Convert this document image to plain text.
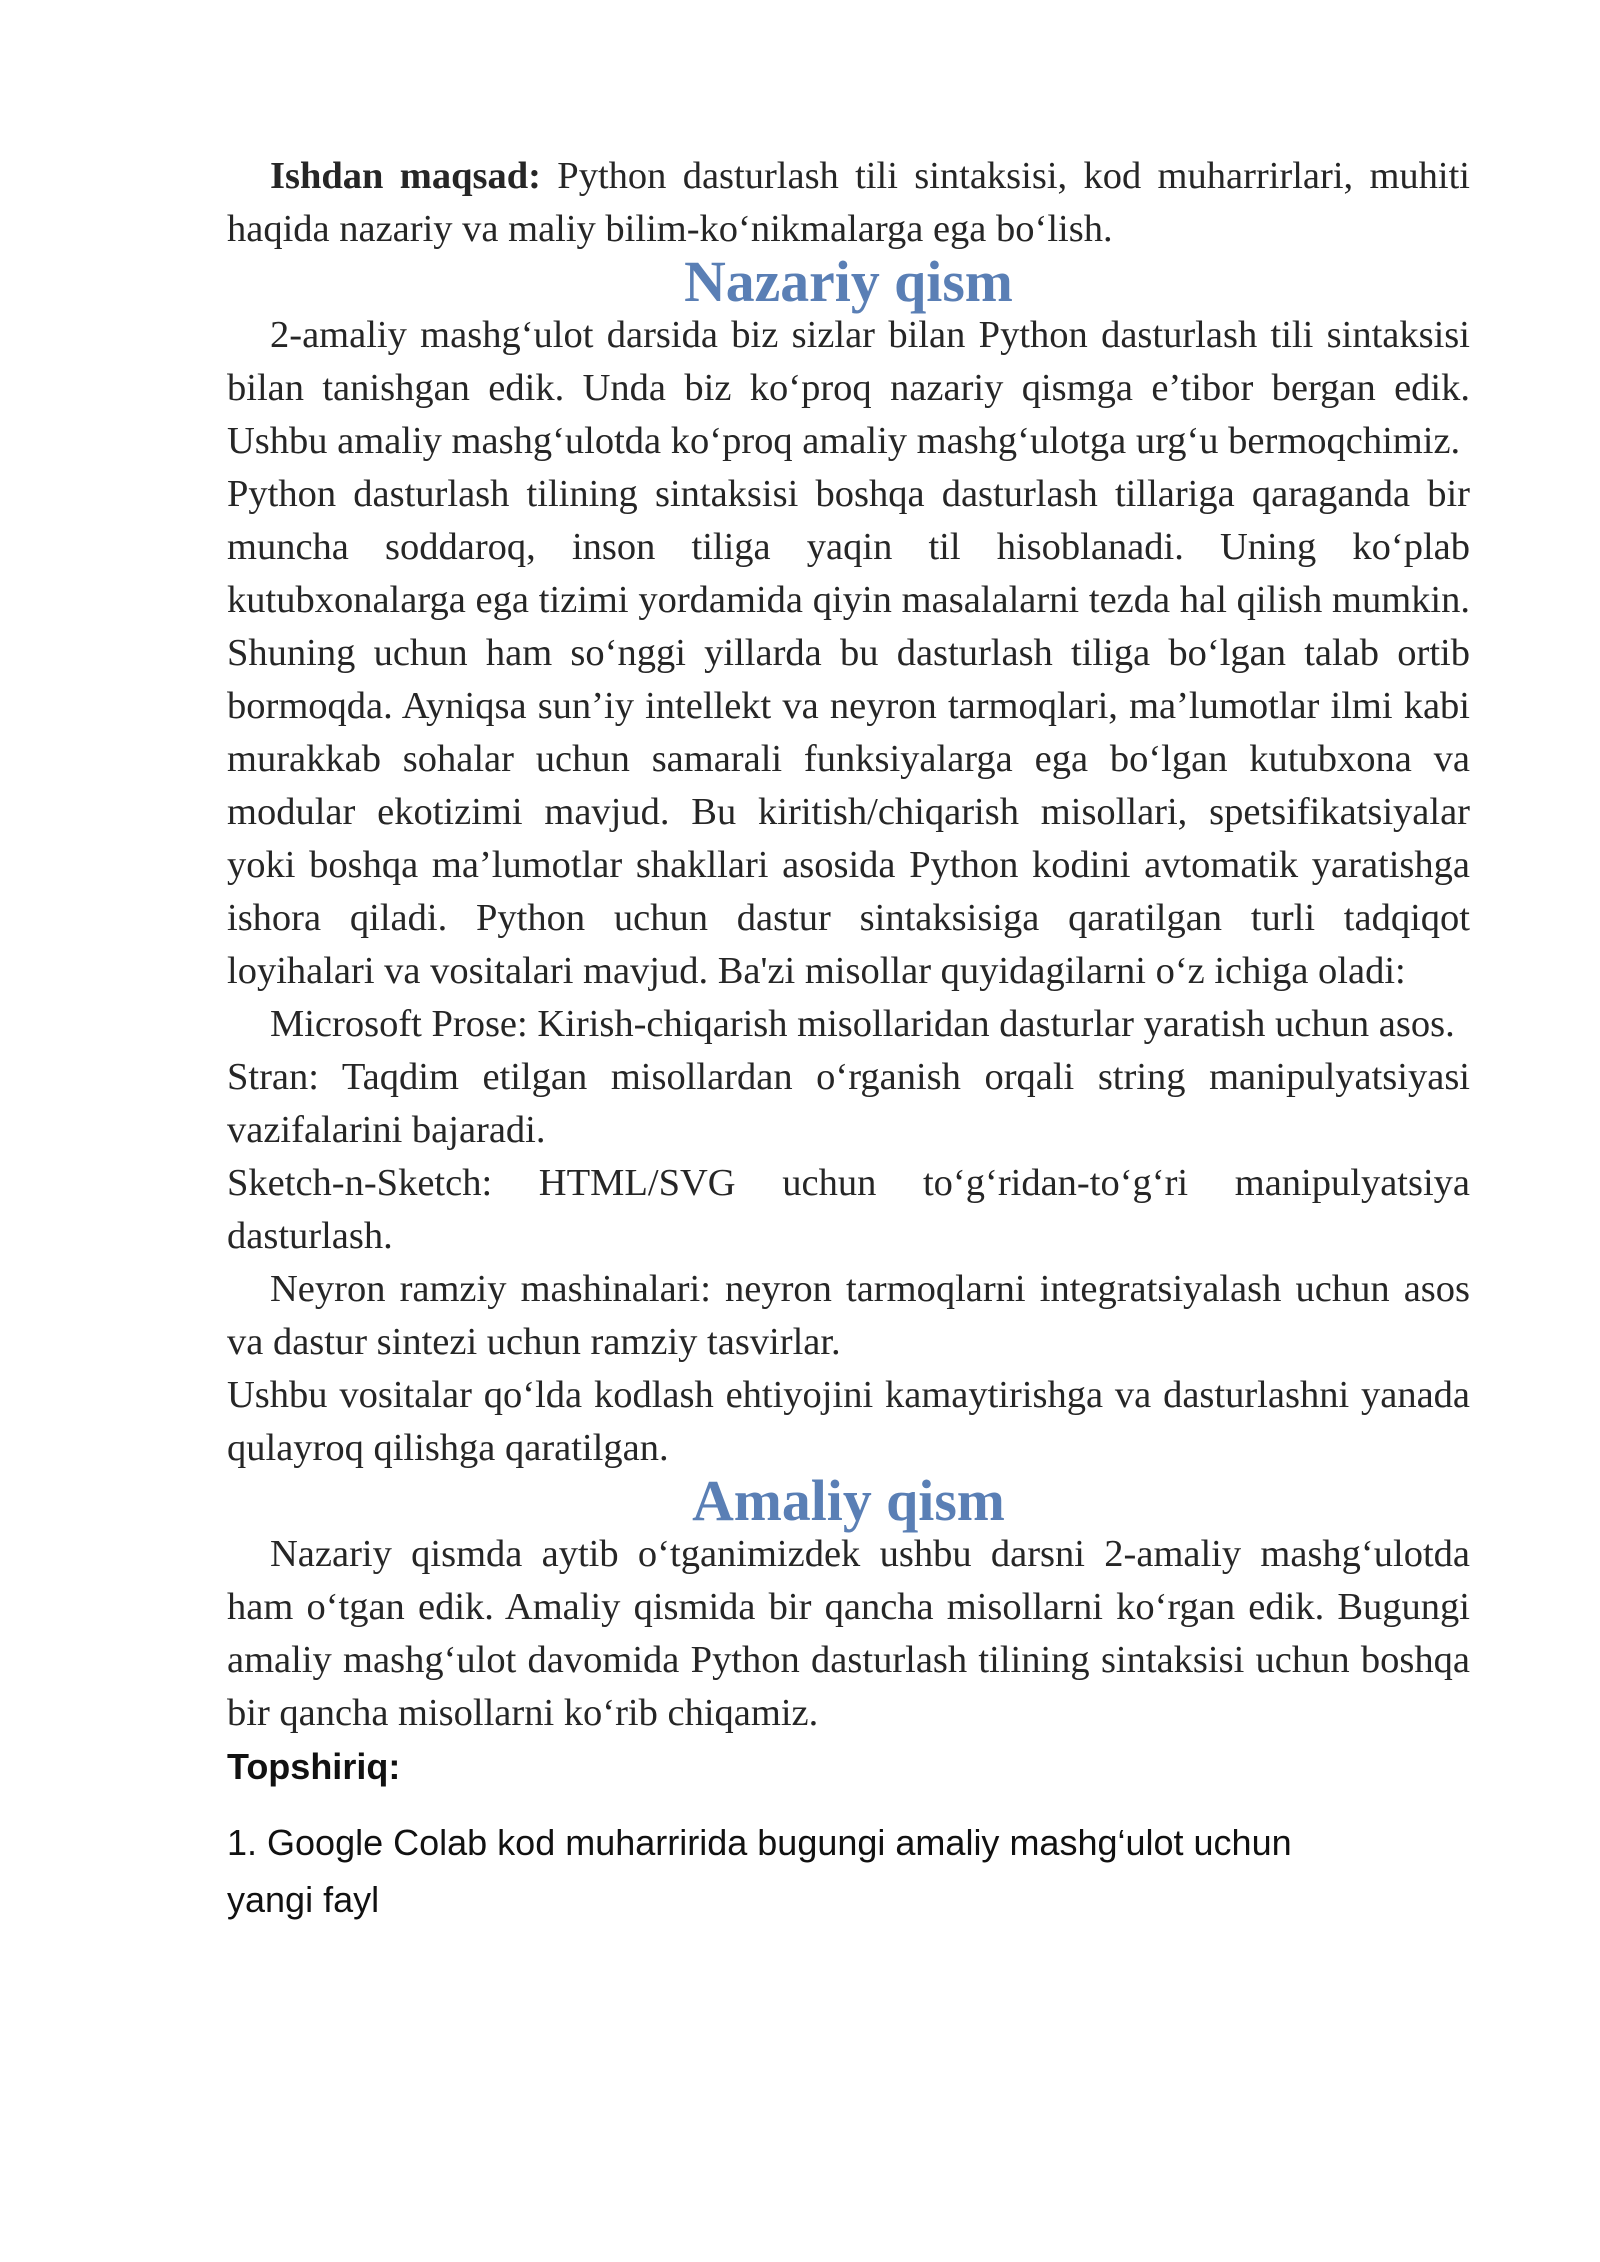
Ishdan maqsad: Python dasturlash tili sintaksisi, kod muharrirlari, muhiti haqida nazariy va maliy bilim-ko‘nikmalarga ega bo‘lish.

Nazariy qism

2-amaliy mashg‘ulot darsida biz sizlar bilan Python dasturlash tili sintaksisi bilan tanishgan edik. Unda biz ko‘proq nazariy qismga e’tibor bergan edik. Ushbu amaliy mashg‘ulotda ko‘proq amaliy mashg‘ulotga urg‘u bermoqchimiz.

Python dasturlash tilining sintaksisi boshqa dasturlash tillariga qaraganda bir muncha soddaroq, inson tiliga yaqin til hisoblanadi. Uning ko‘plab kutubxonalarga ega tizimi yordamida qiyin masalalarni tezda hal qilish mumkin. Shuning uchun ham so‘nggi yillarda bu dasturlash tiliga bo‘lgan talab ortib bormoqda. Ayniqsa sun’iy intellekt va neyron tarmoqlari, ma’lumotlar ilmi kabi murakkab sohalar uchun samarali funksiyalarga ega bo‘lgan kutubxona va modular ekotizimi mavjud. Bu kiritish/chiqarish misollari, spetsifikatsiyalar yoki boshqa ma’lumotlar shakllari asosida Python kodini avtomatik yaratishga ishora qiladi. Python uchun dastur sintaksisiga qaratilgan turli tadqiqot loyihalari va vositalari mavjud. Ba'zi misollar quyidagilarni o‘z ichiga oladi:

Microsoft Prose: Kirish-chiqarish misollaridan dasturlar yaratish uchun asos.

Stran: Taqdim etilgan misollardan o‘rganish orqali string manipulyatsiyasi vazifalarini bajaradi.

Sketch-n-Sketch: HTML/SVG uchun to‘g‘ridan-to‘g‘ri manipulyatsiya dasturlash.

Neyron ramziy mashinalari: neyron tarmoqlarni integratsiyalash uchun asos va dastur sintezi uchun ramziy tasvirlar.

Ushbu vositalar qo‘lda kodlash ehtiyojini kamaytirishga va dasturlashni yanada qulayroq qilishga qaratilgan.

Amaliy qism

Nazariy qismda aytib o‘tganimizdek ushbu darsni 2-amaliy mashg‘ulotda ham o‘tgan edik. Amaliy qismida bir qancha misollarni ko‘rgan edik. Bugungi amaliy mashg‘ulot davomida Python dasturlash tilining sintaksisi uchun boshqa bir qancha misollarni ko‘rib chiqamiz.

Topshiriq:

1. Google Colab kod muharririda bugungi amaliy mashg‘ulot uchun yangi fayl
